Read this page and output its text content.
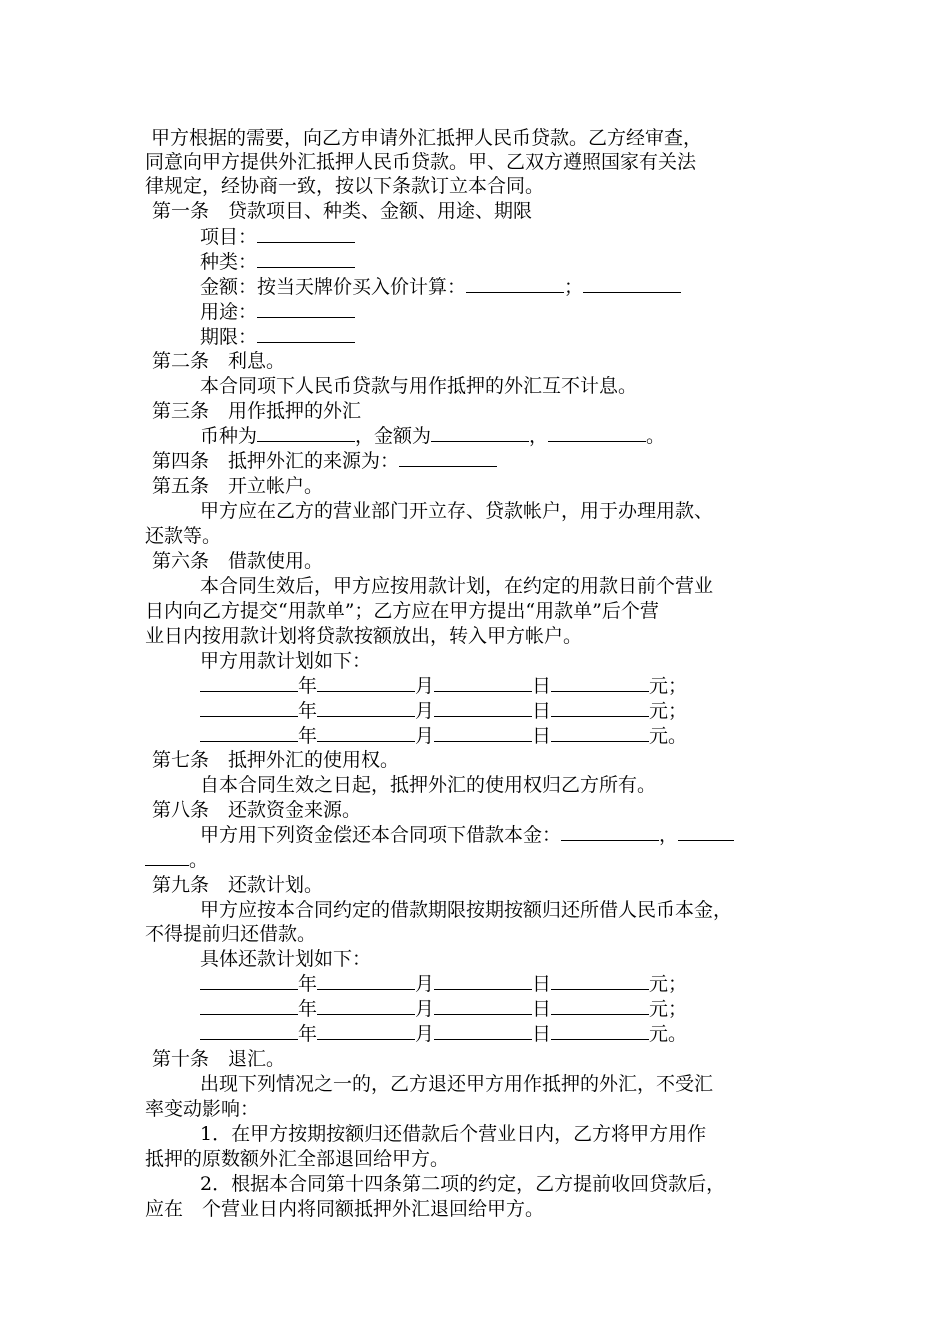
甲方根据的需要，向乙方申请外汇抵押人民币贷款。乙方经审查，

同意向甲方提供外汇抵押人民币贷款。甲、乙双方遵照国家有关法

律规定，经协商一致，按以下条款订立本合同。

第一条　贷款项目、种类、金额、用途、期限

项目：

种类：

金额：按当天牌价买入价计算：	；

用途：

期限：

第二条　利息。

本合同项下人民币贷款与用作抵押的外汇互不计息。

第三条　用作抵押的外汇

币种为	，金额为	，	。

第四条　抵押外汇的来源为：

第五条　开立帐户。

甲方应在乙方的营业部门开立存、贷款帐户，用于办理用款、

还款等。

第六条　借款使用。

本合同生效后，甲方应按用款计划，在约定的用款日前个营业

日内向乙方提交“用款单”；乙方应在甲方提出“用款单”后个营

业日内按用款计划将贷款按额放出，转入甲方帐户。

甲方用款计划如下：

年	月	日	元；

年	月	日	元；

年	月	日	元。

第七条　抵押外汇的使用权。

自本合同生效之日起，抵押外汇的使用权归乙方所有。

第八条　还款资金来源。

甲方用下列资金偿还本合同项下借款本金：	，

。

第九条　还款计划。

甲方应按本合同约定的借款期限按期按额归还所借人民币本金，

不得提前归还借款。

具体还款计划如下：

年	月	日	元；

年	月	日	元；

年	月	日	元。

第十条　退汇。

出现下列情况之一的，乙方退还甲方用作抵押的外汇，不受汇

率变动影响：

1．在甲方按期按额归还借款后个营业日内，乙方将甲方用作

抵押的原数额外汇全部退回给甲方。

2．根据本合同第十四条第二项的约定，乙方提前收回贷款后，

应在　个营业日内将同额抵押外汇退回给甲方。
